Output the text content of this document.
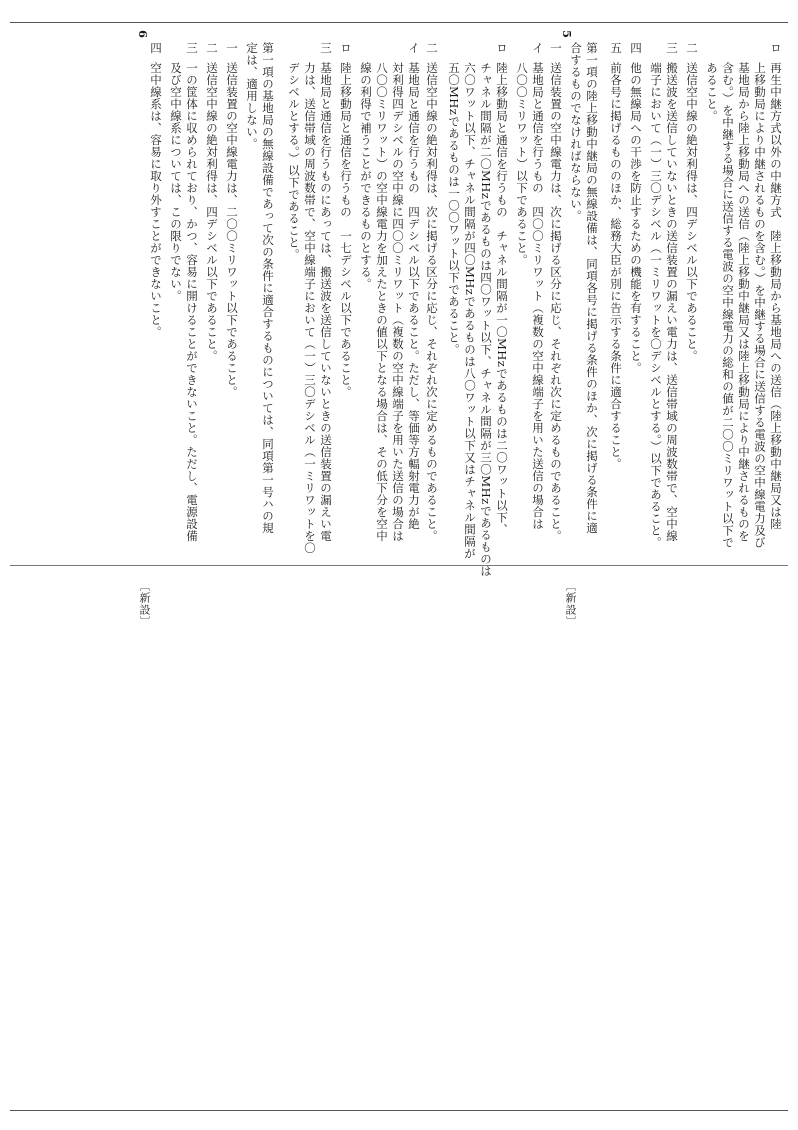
5
6
ロ
再生中継方式以外の中継方式　陸上移動局から基地局への送信（陸上移動中継局又は陸
上移動局により中継されるものを含む。）を中継する場合に送信する電波の空中線電力及び
基地局から陸上移動局への送信（陸上移動中継局又は陸上移動局により中継されるものを
含む。）を中継する場合に送信する電波の空中線電力の総和の値が二〇〇ミリワット以下で
あること。
二
送信空中線の絶対利得は、四デシベル以下であること。
三
搬送波を送信していないときの送信装置の漏えい電力は、送信帯域の周波数帯で、空中線
端子において（一）三〇デシベル（一ミリワットを〇デシベルとする。）以下であること。
四
他の無線局への干渉を防止するための機能を有すること。
五
前各号に掲げるもののほか、総務大臣が別に告示する条件に適合すること。
第一項の陸上移動中継局の無線設備は、同項各号に掲げる条件のほか、次に掲げる条件に適
合するものでなければならない。
一
送信装置の空中線電力は、次に掲げる区分に応じ、それぞれ次に定めるものであること。
イ
基地局と通信を行うもの　四〇〇ミリワット（複数の空中線端子を用いた送信の場合は
八〇〇ミリワット）以下であること。
ロ
陸上移動局と通信を行うもの　チャネル間隔が一〇MHzであるものは二〇ワット以下、
チャネル間隔が二〇MHzであるものは四〇ワット以下、チャネル間隔が三〇MHzであるものは
六〇ワット以下、チャネル間隔が四〇MHzであるものは八〇ワット以下又はチャネル間隔が
五〇MHzであるものは一〇〇ワット以下であること。
二
送信空中線の絶対利得は、次に掲げる区分に応じ、それぞれ次に定めるものであること。
イ
基地局と通信を行うもの　四デシベル以下であること。ただし、等価等方輻射電力が絶
対利得四デシベルの空中線に四〇〇ミリワット（複数の空中線端子を用いた送信の場合は
八〇〇ミリワット）の空中線電力を加えたときの値以下となる場合は、その低下分を空中
線の利得で補うことができるものとする。
ロ
陸上移動局と通信を行うもの　一七デシベル以下であること。
三
基地局と通信を行うものにあっては、搬送波を送信していないときの送信装置の漏えい電
力は、送信帯域の周波数帯で、空中線端子において（一）三〇デシベル（一ミリワットを〇
デシベルとする。）以下であること。
第一項の基地局の無線設備であって次の条件に適合するものについては、同項第一号ハの規
定は、適用しない。
一
送信装置の空中線電力は、二〇〇ミリワット以下であること。
二
送信空中線の絶対利得は、四デシベル以下であること。
三
一の筐体に収められており、かつ、容易に開けることができないこと。ただし、電源設備
及び空中線系については、この限りでない。
四
空中線系は、容易に取り外すことができないこと。
〔新設〕
〔新設〕
